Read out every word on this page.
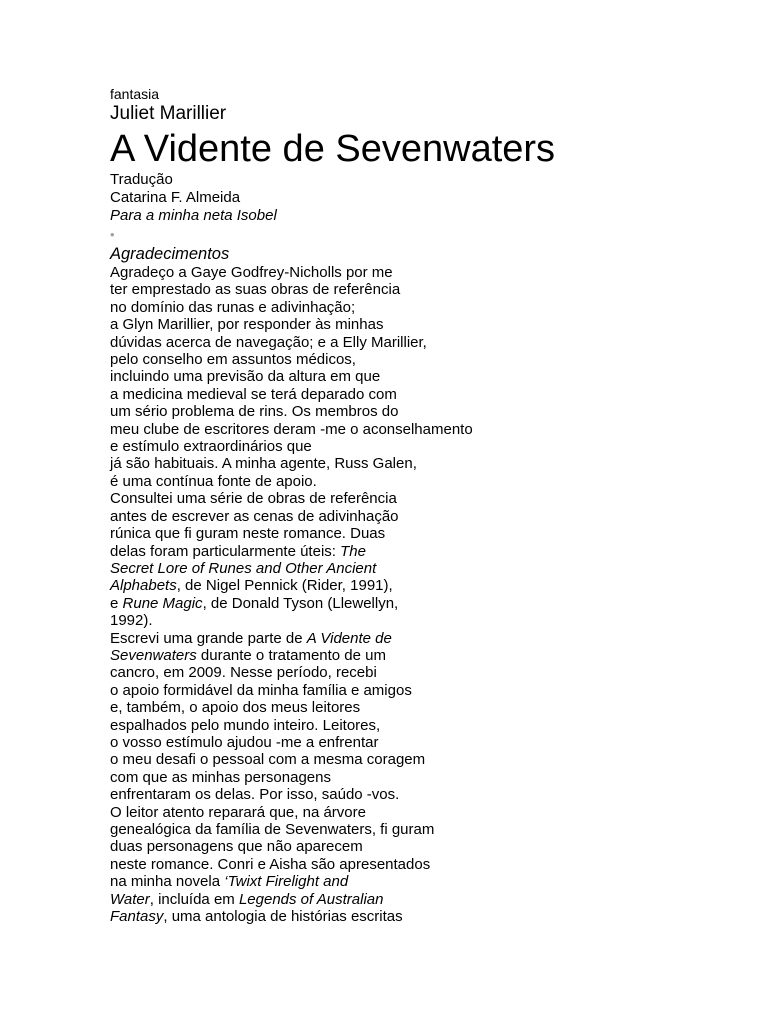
fantasia
Juliet Marillier
A Vidente de Sevenwaters
Tradução
Catarina F. Almeida
Para a minha neta Isobel
•
Agradecimentos
Agradeço a Gaye Godfrey-Nicholls por me
ter emprestado as suas obras de referência
no domínio das runas e adivinhação;
a Glyn Marillier, por responder às minhas
dúvidas acerca de navegação; e a Elly Marillier,
pelo conselho em assuntos médicos,
incluindo uma previsão da altura em que
a medicina medieval se terá deparado com
um sério problema de rins. Os membros do
meu clube de escritores deram -me o aconselhamento
e estímulo extraordinários que
já são habituais. A minha agente, Russ Galen,
é uma contínua fonte de apoio.
Consultei uma série de obras de referência
antes de escrever as cenas de adivinhação
rúnica que fi guram neste romance. Duas
delas foram particularmente úteis: The
Secret Lore of Runes and Other Ancient
Alphabets, de Nigel Pennick (Rider, 1991),
e Rune Magic, de Donald Tyson (Llewellyn,
1992).
Escrevi uma grande parte de A Vidente de
Sevenwaters durante o tratamento de um
cancro, em 2009. Nesse período, recebi
o apoio formidável da minha família e amigos
e, também, o apoio dos meus leitores
espalhados pelo mundo inteiro. Leitores,
o vosso estímulo ajudou -me a enfrentar
o meu desafi o pessoal com a mesma coragem
com que as minhas personagens
enfrentaram os delas. Por isso, saúdo -vos.
O leitor atento reparará que, na árvore
genealógica da família de Sevenwaters, fi guram
duas personagens que não aparecem
neste romance. Conri e Aisha são apresentados
na minha novela ‘Twixt Firelight and
Water, incluída em Legends of Australian
Fantasy, uma antologia de histórias escritas
